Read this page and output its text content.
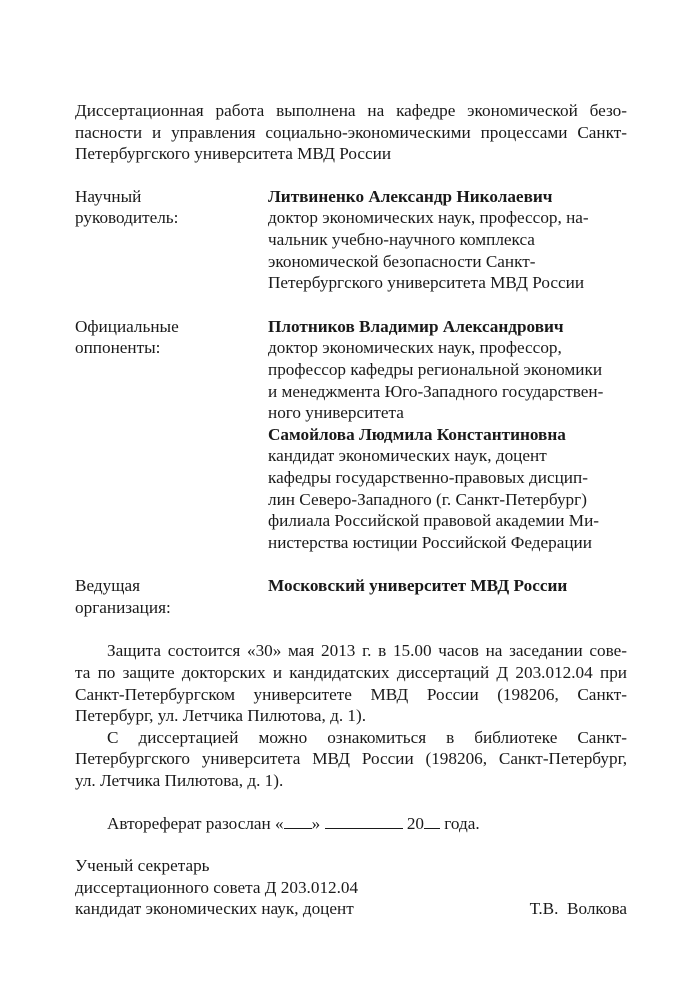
Диссертационная работа выполнена на кафедре экономической безо-
пасности и управления социально-экономическими процессами Санкт-
Петербургского университета МВД России
Научный
руководитель:
Литвиненко Александр Николаевич
доктор экономических наук, профессор, на-
чальник учебно-научного комплекса
экономической безопасности Санкт-
Петербургского университета МВД России
Официальные
оппоненты:
Плотников Владимир Александрович
доктор экономических наук, профессор,
профессор кафедры региональной экономики
и менеджмента Юго-Западного государствен-
ного университета
Самойлова Людмила Константиновна
кандидат экономических наук, доцент
кафедры государственно-правовых дисцип-
лин Северо-Западного (г. Санкт-Петербург)
филиала Российской правовой академии Ми-
нистерства юстиции Российской Федерации
Ведущая
организация:
Московский университет МВД России
Защита состоится «30» мая 2013 г. в 15.00 часов на заседании сове-
та по защите докторских и кандидатских диссертаций Д 203.012.04 при
Санкт-Петербургском университете МВД России (198206, Санкт-
Петербург, ул. Летчика Пилютова, д. 1).
С диссертацией можно ознакомиться в библиотеке Санкт-
Петербургского университета МВД России (198206, Санкт-Петербург,
ул. Летчика Пилютова, д. 1).
Автореферат разослан « »	20 года.
Ученый секретарь
диссертационного совета Д 203.012.04
кандидат экономических наук, доцент	Т.В.  Волкова
